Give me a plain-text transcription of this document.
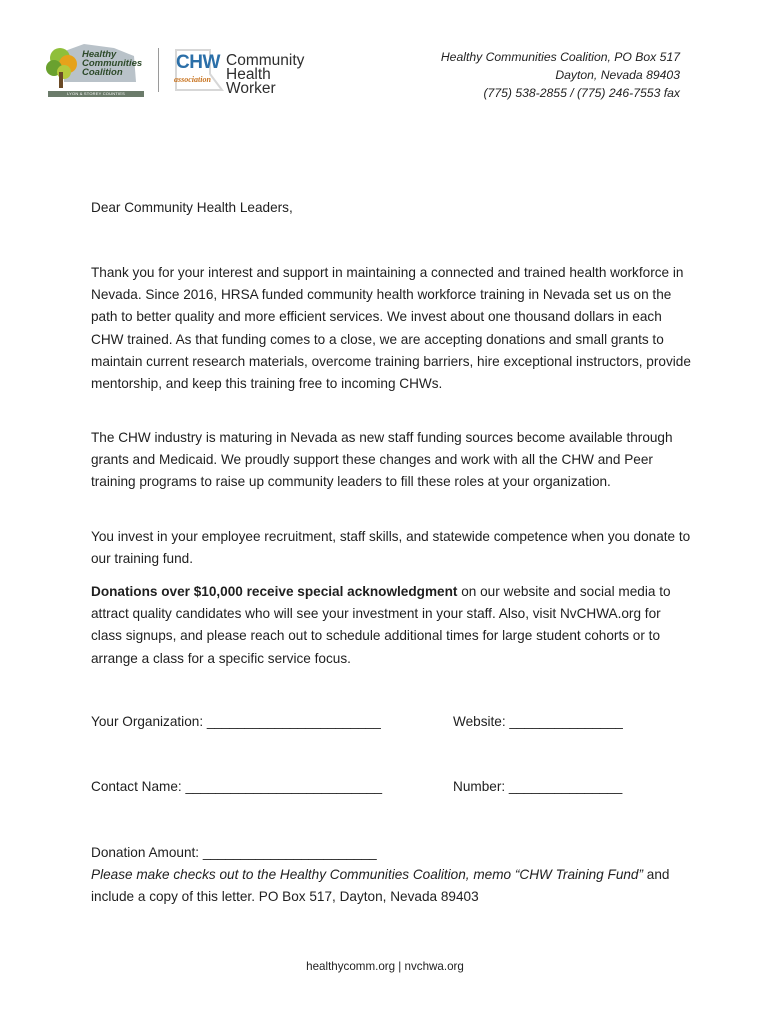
Healthy Communities Coalition
LYON & STOREY COUNTIES
CHW
association
Community
Health Worker
Healthy Communities Coalition, PO Box 517
Dayton, Nevada 89403
(775) 538-2855 / (775) 246-7553 fax
Dear Community Health Leaders,
Thank you for your interest and support in maintaining a connected and trained health workforce in Nevada. Since 2016, HRSA funded community health workforce training in Nevada set us on the path to better quality and more efficient services. We invest about one thousand dollars in each CHW trained. As that funding comes to a close, we are accepting donations and small grants to maintain current research materials, overcome training barriers, hire exceptional instructors, provide mentorship, and keep this training free to incoming CHWs.
The CHW industry is maturing in Nevada as new staff funding sources become available through grants and Medicaid. We proudly support these changes and work with all the CHW and Peer training programs to raise up community leaders to fill these roles at your organization.
You invest in your employee recruitment, staff skills, and statewide competence when you donate to our training fund.
Donations over $10,000 receive special acknowledgment on our website and social media to attract quality candidates who will see your investment in your staff. Also, visit NvCHWA.org for class signups, and please reach out to schedule additional times for large student cohorts or to arrange a class for a specific service focus.
Your Organization: _______________________	Website: _______________
Contact Name: __________________________	Number: _______________
Donation Amount: _______________________
Please make checks out to the Healthy Communities Coalition, memo “CHW Training Fund” and include a copy of this letter. PO Box 517, Dayton, Nevada 89403
healthycomm.org | nvchwa.org
